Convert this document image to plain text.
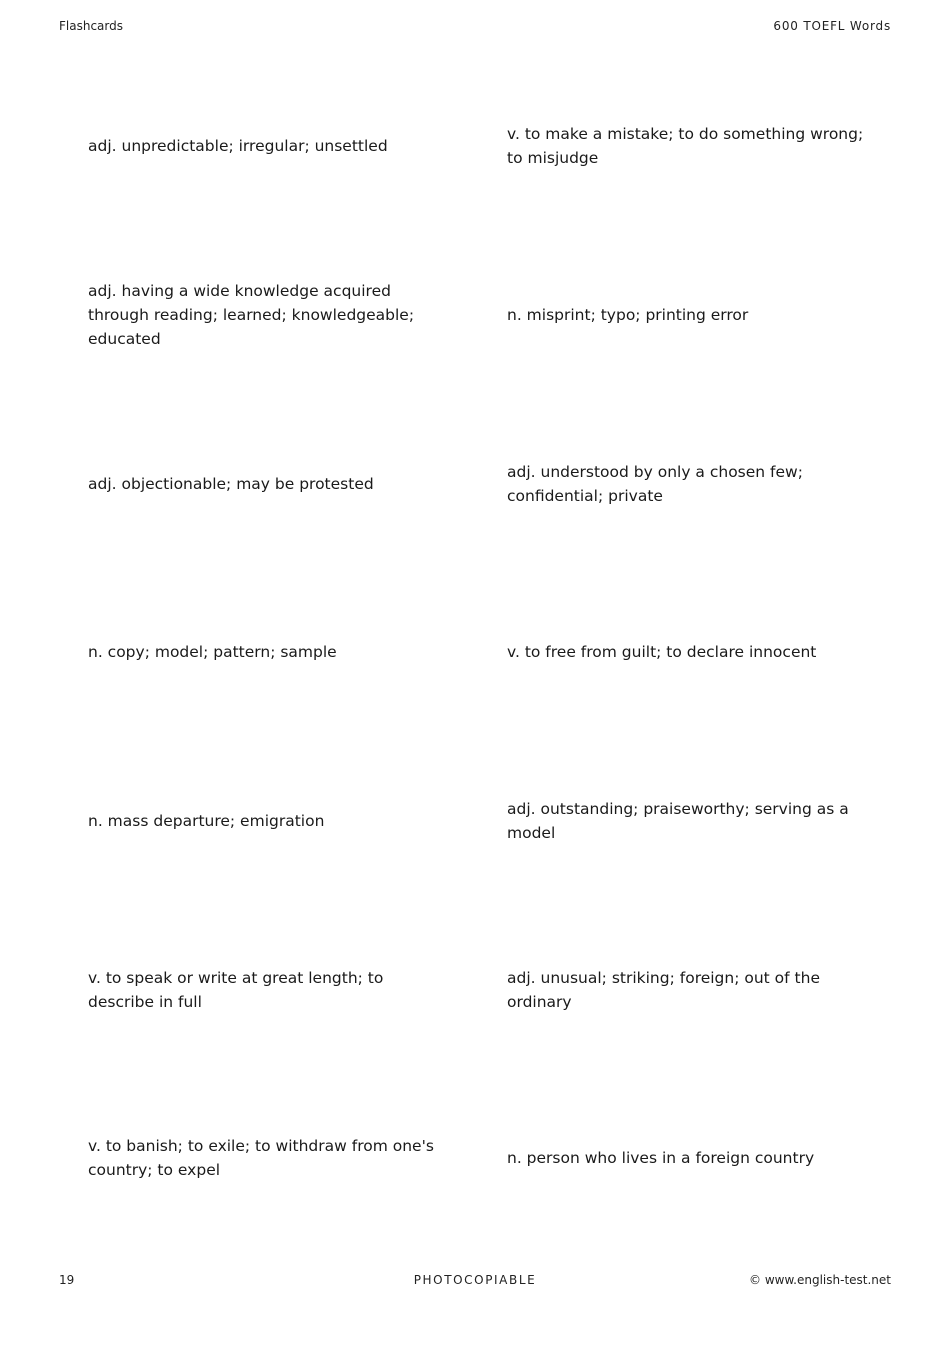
Flashcards	600 TOEFL Words
adj. unpredictable; irregular; unsettled
v. to make a mistake; to do something wrong; to misjudge
adj. having a wide knowledge acquired through reading; learned; knowledgeable; educated
n. misprint; typo; printing error
adj. objectionable; may be protested
adj. understood by only a chosen few; confidential; private
n. copy; model; pattern; sample	v. to free from guilt; to declare innocent
n. mass departure; emigration
adj. outstanding; praiseworthy; serving as a model
v. to speak or write at great length; to describe in full
adj. unusual; striking; foreign; out of the ordinary
v. to banish; to exile; to withdraw from one's country; to expel
n. person who lives in a foreign country
19	PHOTOCOPIABLE	© www.english-test.net
